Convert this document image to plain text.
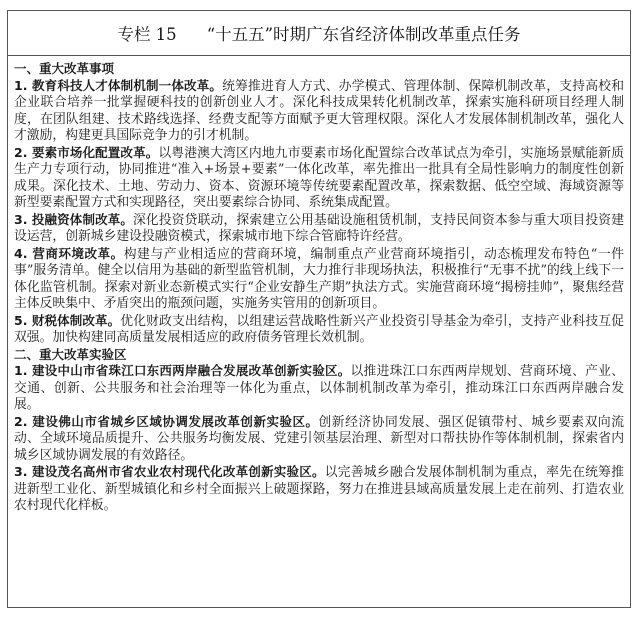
专栏 15 “十五五”时期广东省经济体制改革重点任务

一、重大改革事项

1. 教育科技人才体制机制一体改革。统筹推进育人方式、办学模式、管理体制、保障机制改革，支持高校和企业联合培养一批掌握硬科技的创新创业人才。深化科技成果转化机制改革，探索实施科研项目经理人制度，在团队组建、技术路线选择、经费支配等方面赋予更大管理权限。深化人才发展体制机制改革，强化人才激励，构建更具国际竞争力的引才机制。

2. 要素市场化配置改革。以粤港澳大湾区内地九市要素市场化配置综合改革试点为牵引，实施场景赋能新质生产力专项行动，协同推进“准入+场景+要素”一体化改革，率先推出一批具有全局性影响力的制度性创新成果。深化技术、土地、劳动力、资本、资源环境等传统要素配置改革，探索数据、低空空域、海域资源等新型要素配置方式和实现路径，突出要素综合协同、系统集成配置。

3. 投融资体制改革。深化投资贷联动，探索建立公用基础设施租赁机制，支持民间资本参与重大项目投资建设运营，创新城乡建设投融资模式，探索城市地下综合管廊特许经营。

4. 营商环境改革。构建与产业相适应的营商环境，编制重点产业营商环境指引，动态梳理发布特色“一件事”服务清单。健全以信用为基础的新型监管机制，大力推行非现场执法，积极推行“无事不扰”的线上线下一体化监管机制。探索对新业态新模式实行“企业安静生产期”执法方式。实施营商环境“揭榜挂帅”，聚焦经营主体反映集中、矛盾突出的瓶颈问题，实施务实管用的创新项目。

5. 财税体制改革。优化财政支出结构，以组建运营战略性新兴产业投资引导基金为牵引，支持产业科技互促双强。加快构建同高质量发展相适应的政府债务管理长效机制。

二、重大改革实验区

1. 建设中山市省珠江口东西两岸融合发展改革创新实验区。以推进珠江口东西两岸规划、营商环境、产业、交通、创新、公共服务和社会治理等一体化为重点，以体制机制改革为牵引，推动珠江口东西两岸融合发展。

2. 建设佛山市省城乡区域协调发展改革创新实验区。创新经济协同发展、强区促镇带村、城乡要素双向流动、全域环境品质提升、公共服务均衡发展、党建引领基层治理、新型对口帮扶协作等体制机制，探索省内城乡区域协调发展的有效路径。

3. 建设茂名高州市省农业农村现代化改革创新实验区。以完善城乡融合发展体制机制为重点，率先在统筹推进新型工业化、新型城镇化和乡村全面振兴上破题探路，努力在推进县域高质量发展上走在前列、打造农业农村现代化样板。
